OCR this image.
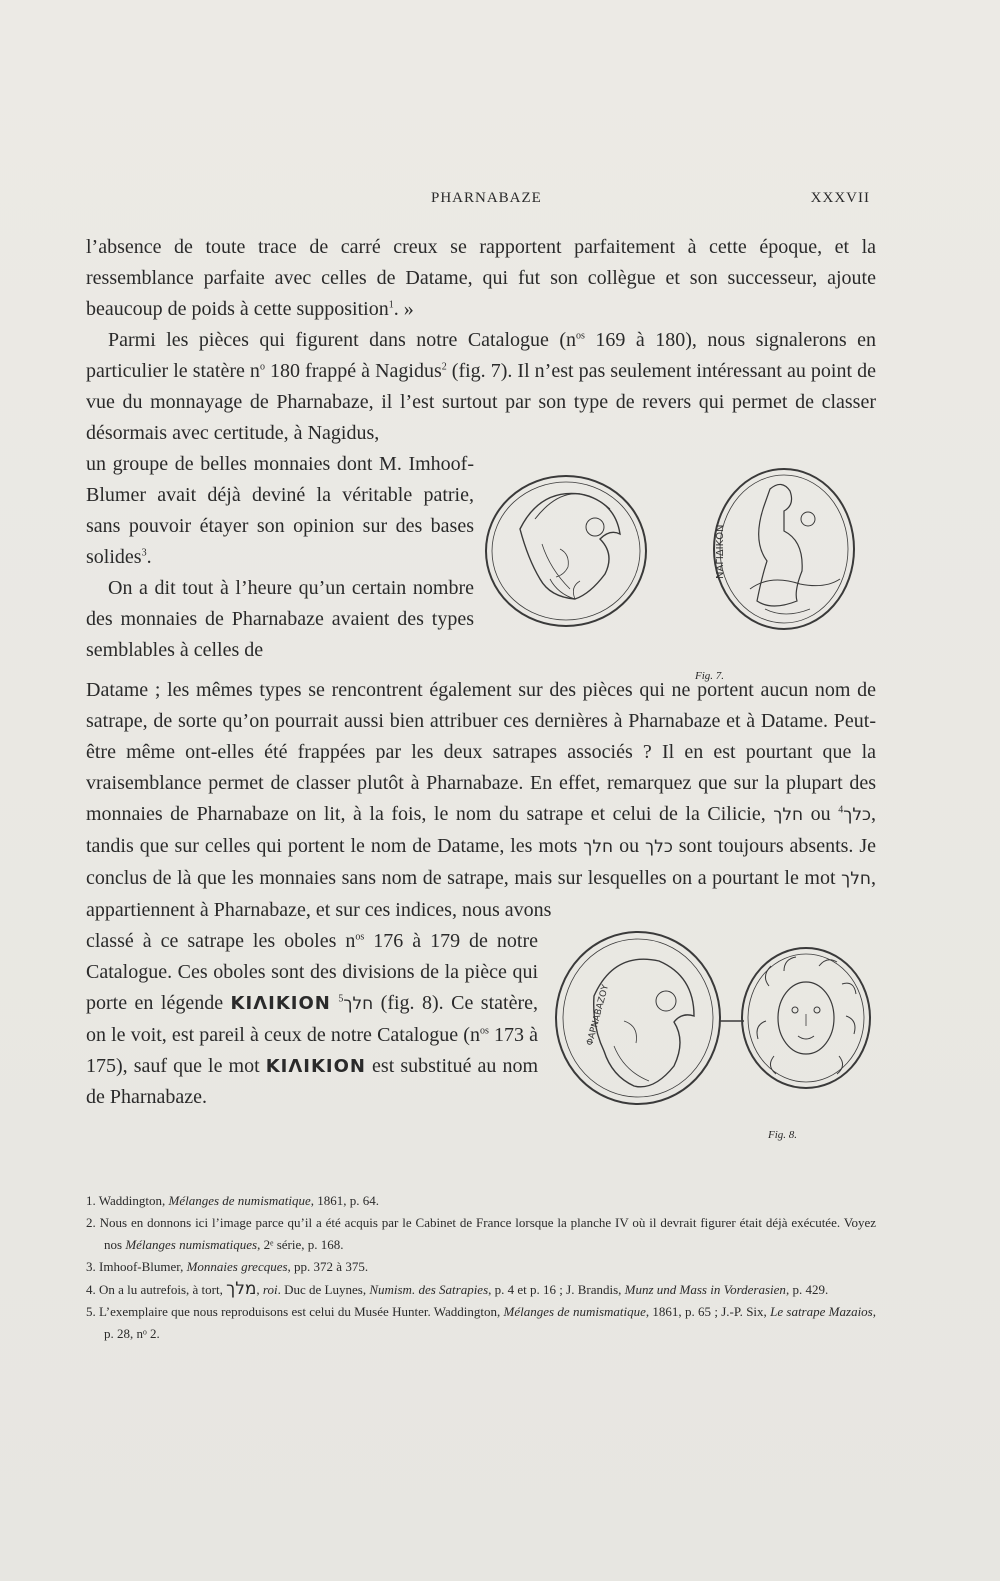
PHARNABAZE	XXXVII

l’absence de toute trace de carré creux se rapportent parfaitement à cette époque, et la ressemblance parfaite avec celles de Datame, qui fut son collègue et son successeur, ajoute beaucoup de poids à cette supposition$^1$. »

Parmi les pièces qui figurent dans notre Catalogue ($n^{os}$ 169 à 180), nous signalerons en particulier le statère $n^o$ 180 frappé à Nagidus$^2$ (fig. 7). Il n’est pas seulement intéressant au point de vue du monnayage de Pharnabaze, il l’est surtout par son type de revers qui permet de classer désormais avec certitude, à Nagidus,

un groupe de belles monnaies dont M. Imhoof-Blumer avait déjà deviné la véritable patrie, sans pouvoir étayer son opinion sur des bases solides$^3$.

On a dit tout à l’heure qu’un certain nombre des monnaies de Pharnabaze avaient des types semblables à celles de

ΝΑΓΙΔΙΚΟΝ
Fig. 7.

Datame ; les mêmes types se rencontrent également sur des pièces qui ne portent aucun nom de satrape, de sorte qu’on pourrait aussi bien attribuer ces dernières à Pharnabaze et à Datame. Peut-être même ont-elles été frappées par les deux satrapes associés ? Il en est pourtant que la vraisemblance permet de classer plutôt à Pharnabaze. En effet, remarquez que sur la plupart des monnaies de Pharnabaze on lit, à la fois, le nom du satrape et celui de la Cilicie, חלך ou כלך$^4$ , tandis que sur celles qui portent le nom de Datame, les mots חלך ou כלך sont toujours absents. Je conclus de là que les monnaies sans nom de satrape, mais sur lesquelles on a pourtant le mot חלך, appartiennent à Pharnabaze, et sur ces indices, nous avons

classé à ce satrape les oboles $n^{os}$ 176 à 179 de notre Catalogue. Ces oboles sont des divisions de la pièce qui porte en légende ΚΙΛΙΚΙΟΝ חלך$^5$ (fig. 8). Ce statère, on le voit, est pareil à ceux de notre Catalogue ($n^{os}$ 173 à 175), sauf que le mot ΚΙΛΙΚΙΟΝ est substitué au nom de Pharnabaze.

ΦΑΡΝΑΒΑΖΟΥ
Fig. 8.

1. Waddington, Mélanges de numismatique, 1861, p. 64.

2. Nous en donnons ici l’image parce qu’il a été acquis par le Cabinet de France lorsque la planche IV où il devrait figurer était déjà exécutée. Voyez nos Mélanges numismatiques, 2ᵉ série, p. 168.

3. Imhoof-Blumer, Monnaies grecques, pp. 372 à 375.

4. On a lu autrefois, à tort, מלך, roi. Duc de Luynes, Numism. des Satrapies, p. 4 et p. 16 ; J. Brandis, Munz und Mass in Vorderasien, p. 429.

5. L’exemplaire que nous reproduisons est celui du Musée Hunter. Waddington, Mélanges de numismatique, 1861, p. 65 ; J.-P. Six, Le satrape Mazaios, p. 28, nᵒ 2.
